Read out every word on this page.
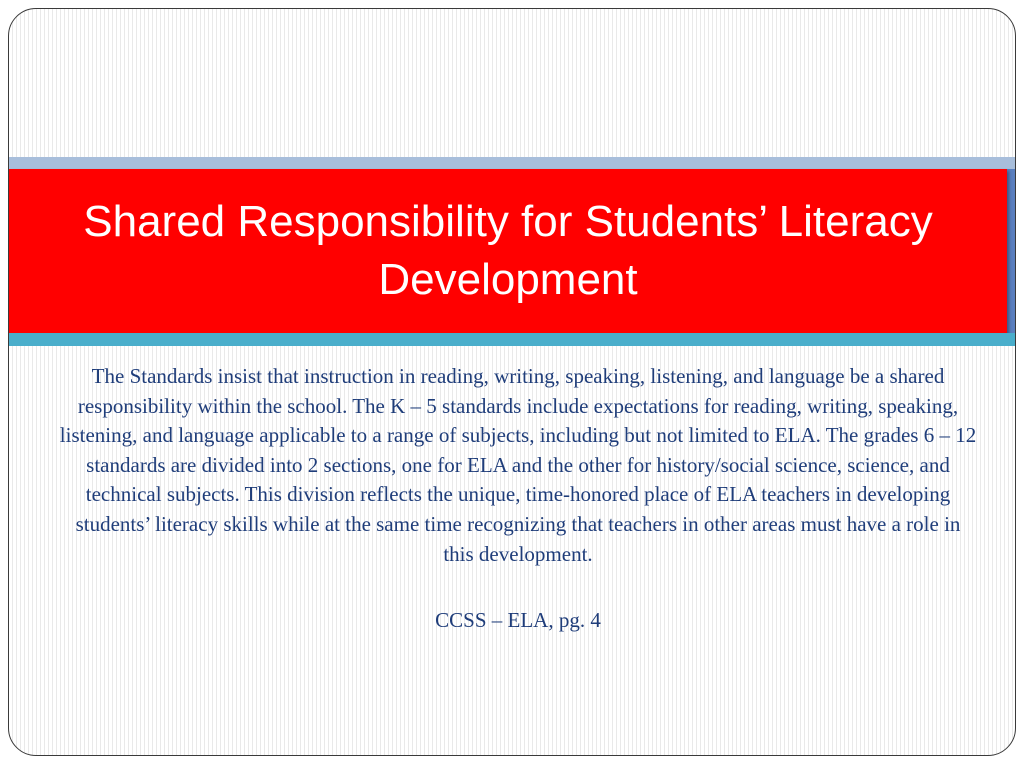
Shared Responsibility for Students’ Literacy Development

The Standards insist that instruction in reading, writing, speaking, listening, and language be a shared responsibility within the school. The K – 5 standards include expectations for reading, writing, speaking, listening, and language applicable to a range of subjects, including but not limited to ELA. The grades 6 – 12 standards are divided into 2 sections, one for ELA and the other for history/social science, science, and technical subjects. This division reflects the unique, time-honored place of ELA teachers in developing students’ literacy skills while at the same time recognizing that teachers in other areas must have a role in this development.

CCSS – ELA, pg. 4
